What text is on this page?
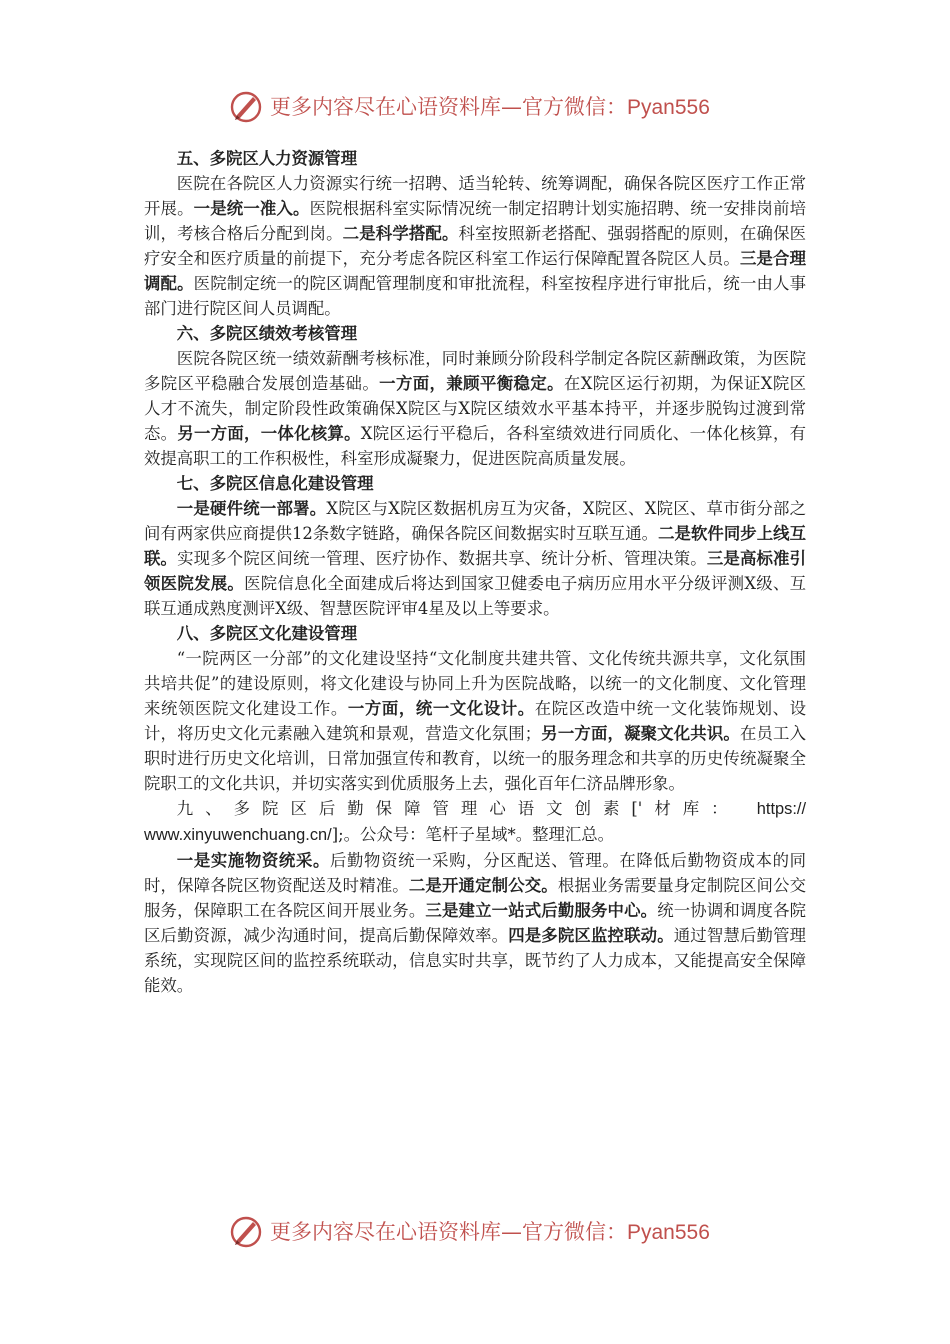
更多内容尽在心语资料库—官方微信：Pyan556
五、多院区人力资源管理

医院在各院区人力资源实行统一招聘、适当轮转、统筹调配，确保各院区医疗工作正常开展。一是统一准入。医院根据科室实际情况统一制定招聘计划实施招聘、统一安排岗前培训，考核合格后分配到岗。二是科学搭配。科室按照新老搭配、强弱搭配的原则，在确保医疗安全和医疗质量的前提下，充分考虑各院区科室工作运行保障配置各院区人员。三是合理调配。医院制定统一的院区调配管理制度和审批流程，科室按程序进行审批后，统一由人事部门进行院区间人员调配。

六、多院区绩效考核管理

医院各院区统一绩效薪酬考核标准，同时兼顾分阶段科学制定各院区薪酬政策，为医院多院区平稳融合发展创造基础。一方面，兼顾平衡稳定。在X院区运行初期，为保证X院区人才不流失，制定阶段性政策确保X院区与X院区绩效水平基本持平，并逐步脱钩过渡到常态。另一方面，一体化核算。X院区运行平稳后，各科室绩效进行同质化、一体化核算，有效提高职工的工作积极性，科室形成凝聚力，促进医院高质量发展。

七、多院区信息化建设管理

一是硬件统一部署。X院区与X院区数据机房互为灾备，X院区、X院区、草市街分部之间有两家供应商提供12条数字链路，确保各院区间数据实时互联互通。二是软件同步上线互联。实现多个院区间统一管理、医疗协作、数据共享、统计分析、管理决策。三是高标准引领医院发展。医院信息化全面建成后将达到国家卫健委电子病历应用水平分级评测X级、互联互通成熟度测评X级、智慧医院评审4星及以上等要求。

八、多院区文化建设管理

“一院两区一分部”的文化建设坚持“文化制度共建共管、文化传统共源共享，文化氛围共培共促”的建设原则，将文化建设与协同上升为医院战略，以统一的文化制度、文化管理来统领医院文化建设工作。一方面，统一文化设计。在院区改造中统一文化装饰规划、设计，将历史文化元素融入建筑和景观，营造文化氛围；另一方面，凝聚文化共识。在员工入职时进行历史文化培训，日常加强宣传和教育，以统一的服务理念和共享的历史传统凝聚全院职工的文化共识，并切实落实到优质服务上去，强化百年仁济品牌形象。

九、多院区后勤保障管理心语文创素['材库： https://

www.xinyuwenchuang.cn/];。公众号：笔杆子星域*。整理汇总。

一是实施物资统采。后勤物资统一采购，分区配送、管理。在降低后勤物资成本的同时，保障各院区物资配送及时精准。二是开通定制公交。根据业务需要量身定制院区间公交服务，保障职工在各院区间开展业务。三是建立一站式后勤服务中心。统一协调和调度各院区后勤资源，减少沟通时间，提高后勤保障效率。四是多院区监控联动。通过智慧后勤管理系统，实现院区间的监控系统联动，信息实时共享，既节约了人力成本，又能提高安全保障能效。

更多内容尽在心语资料库—官方微信：Pyan556
